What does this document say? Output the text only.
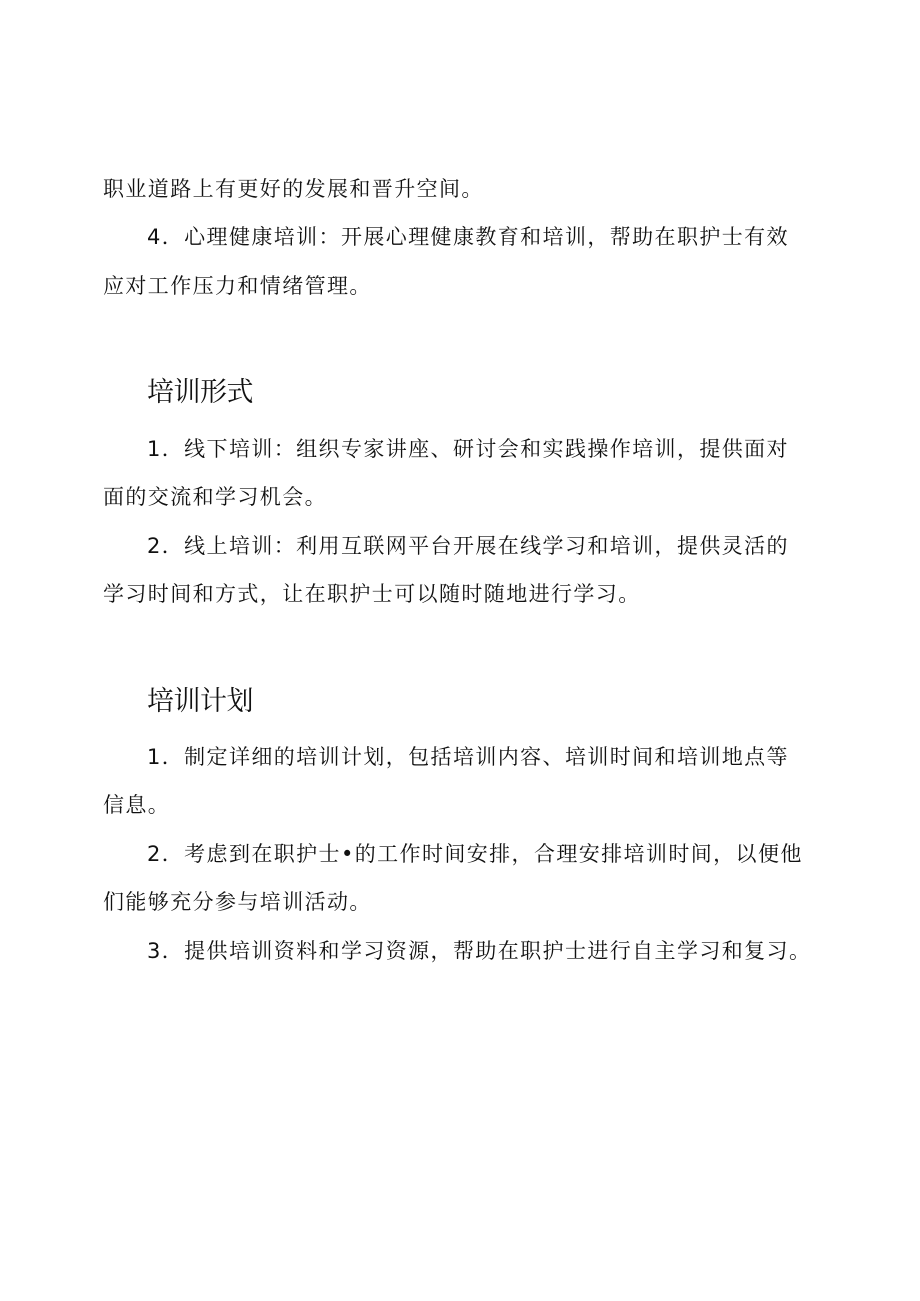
职业道路上有更好的发展和晋升空间。
4．心理健康培训：开展心理健康教育和培训，帮助在职护士有效
应对工作压力和情绪管理。
培训形式
1．线下培训：组织专家讲座、研讨会和实践操作培训，提供面对
面的交流和学习机会。
2．线上培训：利用互联网平台开展在线学习和培训，提供灵活的
学习时间和方式，让在职护士可以随时随地进行学习。
培训计划
1．制定详细的培训计划，包括培训内容、培训时间和培训地点等
信息。
2．考虑到在职护士•的工作时间安排，合理安排培训时间，以便他
们能够充分参与培训活动。
3．提供培训资料和学习资源，帮助在职护士进行自主学习和复习。
